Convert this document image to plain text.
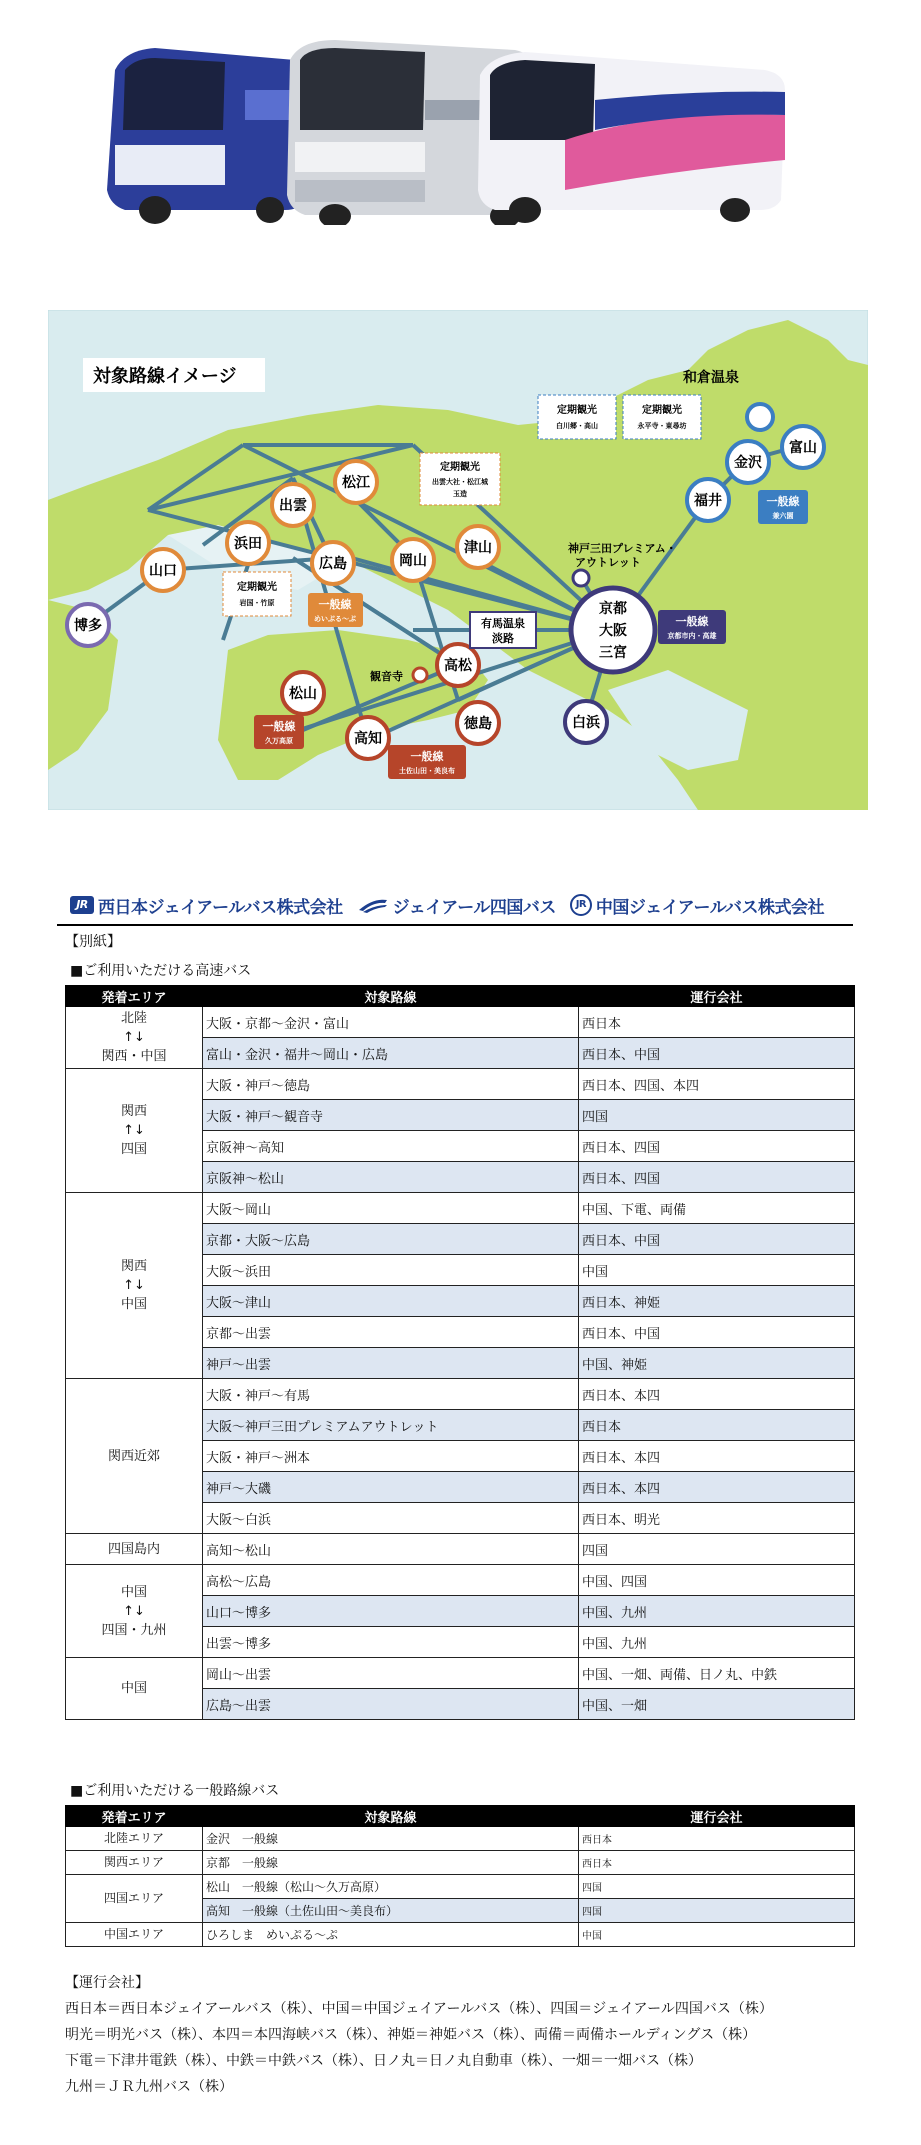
博多
山口
浜田
出雲
松江
広島	岡山
津山
高松
松山
高知
徳島	白浜
福井
金沢
富山
京都
大阪
三宮
対象路線イメージ	和倉温泉
神戸三田プレミアム・
アウトレット
観音寺
有馬温泉
淡路
定期観光
岩国・竹原
定期観光
出雲大社・松江城
玉造
定期観光
白川郷・高山
定期観光
永平寺・東尋坊
一般線
めいぷる～ぷ
一般線
久万高原
一般線
土佐山田・美良布
一般線
京都市内・高雄
一般線
兼六園
JR 西日本ジェイアールバス株式会社	ジェイアール四国バス	JR 中国ジェイアールバス株式会社
【別紙】
■ご利用いただける高速バス
発着エリア	対象路線	運行会社

北陸
↑↓
関西・中国	大阪・京都～金沢・富山	西日本
	富山・金沢・福井～岡山・広島	西日本、中国

関西
↑↓
四国	大阪・神戸～徳島	西日本、四国、本四
	大阪・神戸～観音寺	四国
	京阪神～高知	西日本、四国
	京阪神～松山	西日本、四国

関西
↑↓
中国	大阪～岡山	中国、下電、両備
	京都・大阪～広島	西日本、中国
	大阪～浜田	中国
	大阪～津山	西日本、神姫
	京都～出雲	西日本、中国
	神戸～出雲	中国、神姫

関西近郊	大阪・神戸～有馬	西日本、本四
	大阪～神戸三田プレミアムアウトレット	西日本
	大阪・神戸～洲本	西日本、本四
	神戸～大磯	西日本、本四
	大阪～白浜	西日本、明光

四国島内	高知～松山	四国

中国
↑↓
四国・九州	高松～広島	中国、四国
	山口～博多	中国、九州
	出雲～博多	中国、九州

中国	岡山～出雲	中国、一畑、両備、日ノ丸、中鉄
	広島～出雲	中国、一畑
■ご利用いただける一般路線バス
発着エリア	対象路線	運行会社

北陸エリア	金沢　一般線	西日本

関西エリア	京都　一般線	西日本

四国エリア	松山　一般線（松山～久万高原）	四国
	高知　一般線（土佐山田～美良布）	四国

中国エリア	ひろしま　めいぷる～ぷ	中国
【運行会社】
西日本＝西日本ジェイアールバス（株）、中国＝中国ジェイアールバス（株）、四国＝ジェイアール四国バス（株）
明光＝明光バス（株）、本四＝本四海峡バス（株）、神姫＝神姫バス（株）、両備＝両備ホールディングス（株）
下電＝下津井電鉄（株）、中鉄＝中鉄バス（株）、日ノ丸＝日ノ丸自動車（株）、一畑＝一畑バス（株）
九州＝ＪＲ九州バス（株）
